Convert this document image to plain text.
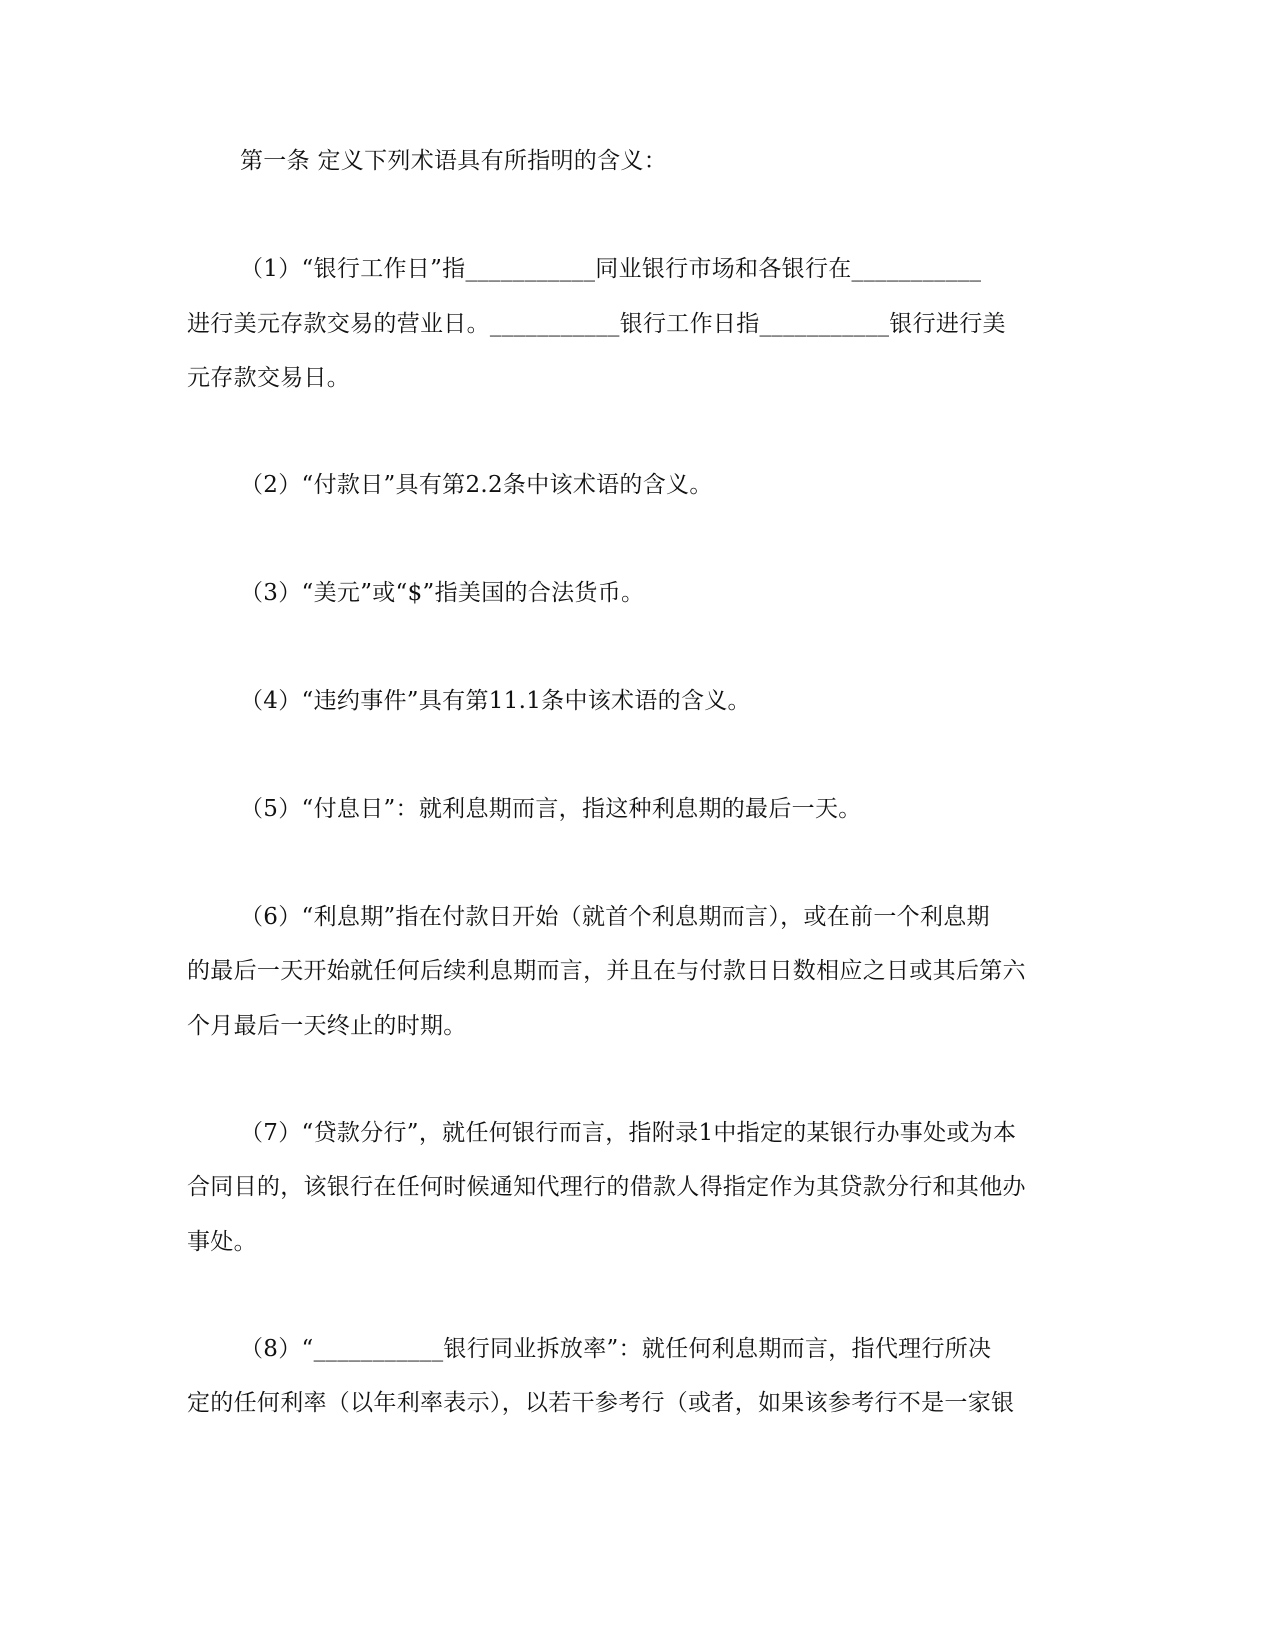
第一条 定义下列术语具有所指明的含义：
（1）“银行工作日”指___________同业银行市场和各银行在___________
进行美元存款交易的营业日。___________银行工作日指___________银行进行美
元存款交易日。
（2）“付款日”具有第2.2条中该术语的含义。
（3）“美元”或“$”指美国的合法货币。
（4）“违约事件”具有第11.1条中该术语的含义。
（5）“付息日”：就利息期而言，指这种利息期的最后一天。
（6）“利息期”指在付款日开始（就首个利息期而言），或在前一个利息期
的最后一天开始就任何后续利息期而言，并且在与付款日日数相应之日或其后第六
个月最后一天终止的时期。
（7）“贷款分行”，就任何银行而言，指附录1中指定的某银行办事处或为本
合同目的，该银行在任何时候通知代理行的借款人得指定作为其贷款分行和其他办
事处。
（8）“___________银行同业拆放率”：就任何利息期而言，指代理行所决
定的任何利率（以年利率表示），以若干参考行（或者，如果该参考行不是一家银
